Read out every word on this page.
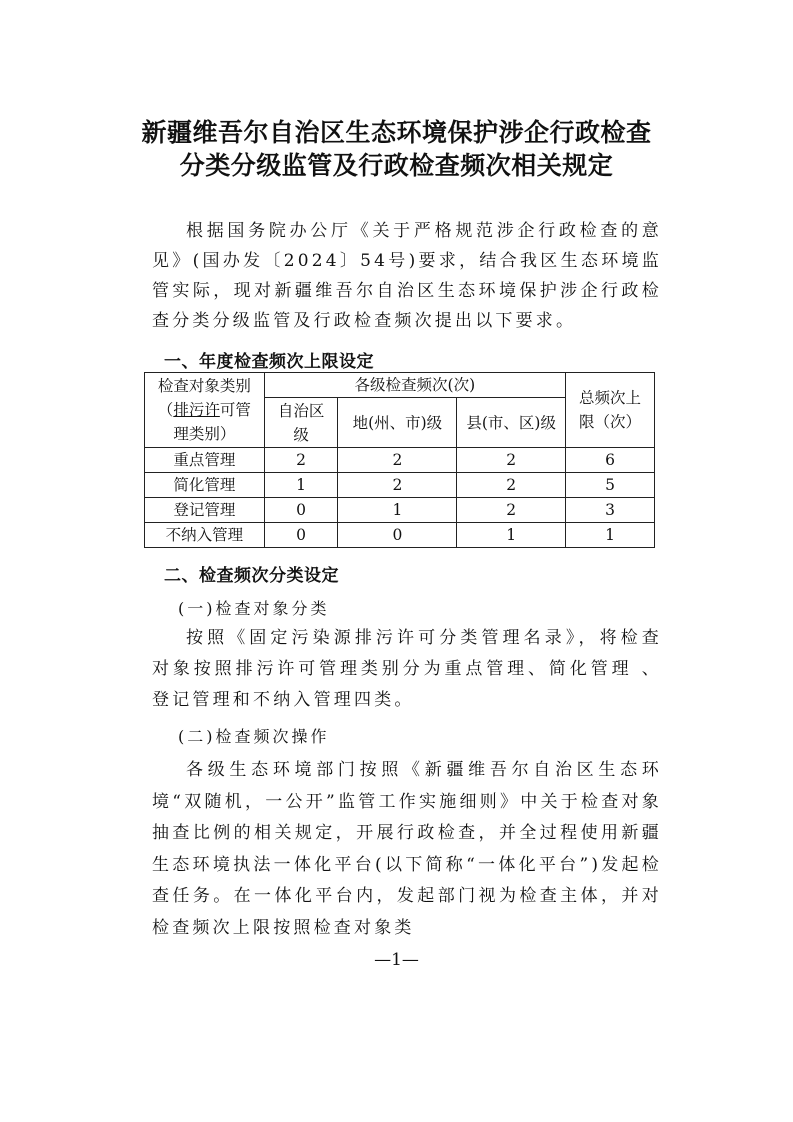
新疆维吾尔自治区生态环境保护涉企行政检查
分类分级监管及行政检查频次相关规定
根据国务院办公厅《关于严格规范涉企行政检查的意见》(国办发〔2024〕54号)要求，结合我区生态环境监管实际，现对新疆维吾尔自治区生态环境保护涉企行政检查分类分级监管及行政检查频次提出以下要求。
一、年度检查频次上限设定
检查对象类别
（排污许可管
理类别）	各级检查频次(次)			总频次上限（次）
	自治区级	地(州、市)级	县(市、区)级	
重点管理	2	2	2	6
简化管理	1	2	2	5
登记管理	0	1	2	3
不纳入管理	0	0	1	1
二、检查频次分类设定
(一)检查对象分类
按照《固定污染源排污许可分类管理名录》，将检查对象按照排污许可管理类别分为重点管理、简化管理 、登记管理和不纳入管理四类。
(二)检查频次操作
各级生态环境部门按照《新疆维吾尔自治区生态环境“双随机，一公开”监管工作实施细则》中关于检查对象抽查比例的相关规定，开展行政检查，并全过程使用新疆生态环境执法一体化平台(以下简称“一体化平台”)发起检查任务。在一体化平台内，发起部门视为检查主体，并对检查频次上限按照检查对象类
—1—
